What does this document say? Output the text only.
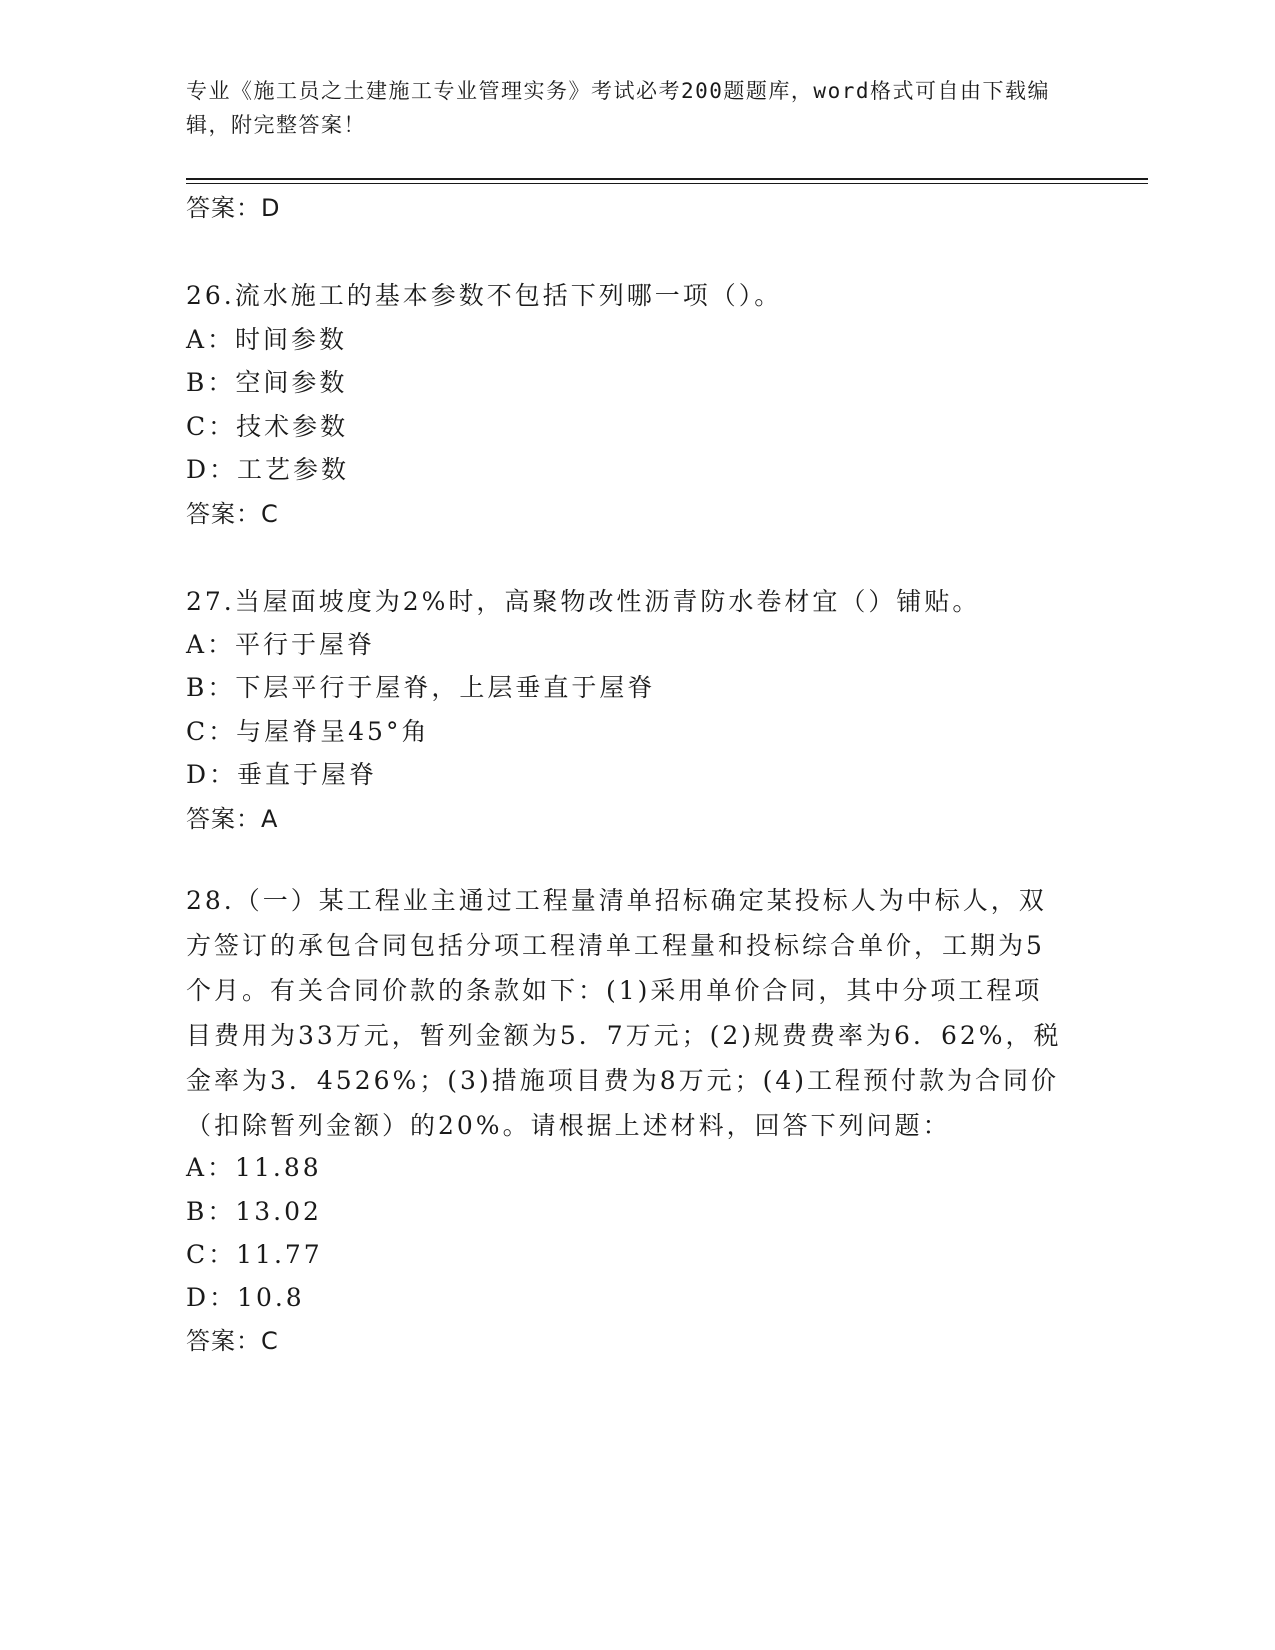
专业《施工员之土建施工专业管理实务》考试必考200题题库，word格式可自由下载编辑，附完整答案！
答案：D
26.流水施工的基本参数不包括下列哪一项（）。
A：时间参数
B：空间参数
C：技术参数
D：工艺参数
答案：C
27.当屋面坡度为2%时，高聚物改性沥青防水卷材宜（）铺贴。
A：平行于屋脊
B：下层平行于屋脊，上层垂直于屋脊
C：与屋脊呈45°角
D：垂直于屋脊
答案：A
28.（一）某工程业主通过工程量清单招标确定某投标人为中标人，双方签订的承包合同包括分项工程清单工程量和投标综合单价，工期为5个月。有关合同价款的条款如下：(1)采用单价合同，其中分项工程项目费用为33万元，暂列金额为5．7万元；(2)规费费率为6．62%，税金率为3．4526%；(3)措施项目费为8万元；(4)工程预付款为合同价（扣除暂列金额）的20%。请根据上述材料，回答下列问题：
A：11.88
B：13.02
C：11.77
D：10.8
答案：C
